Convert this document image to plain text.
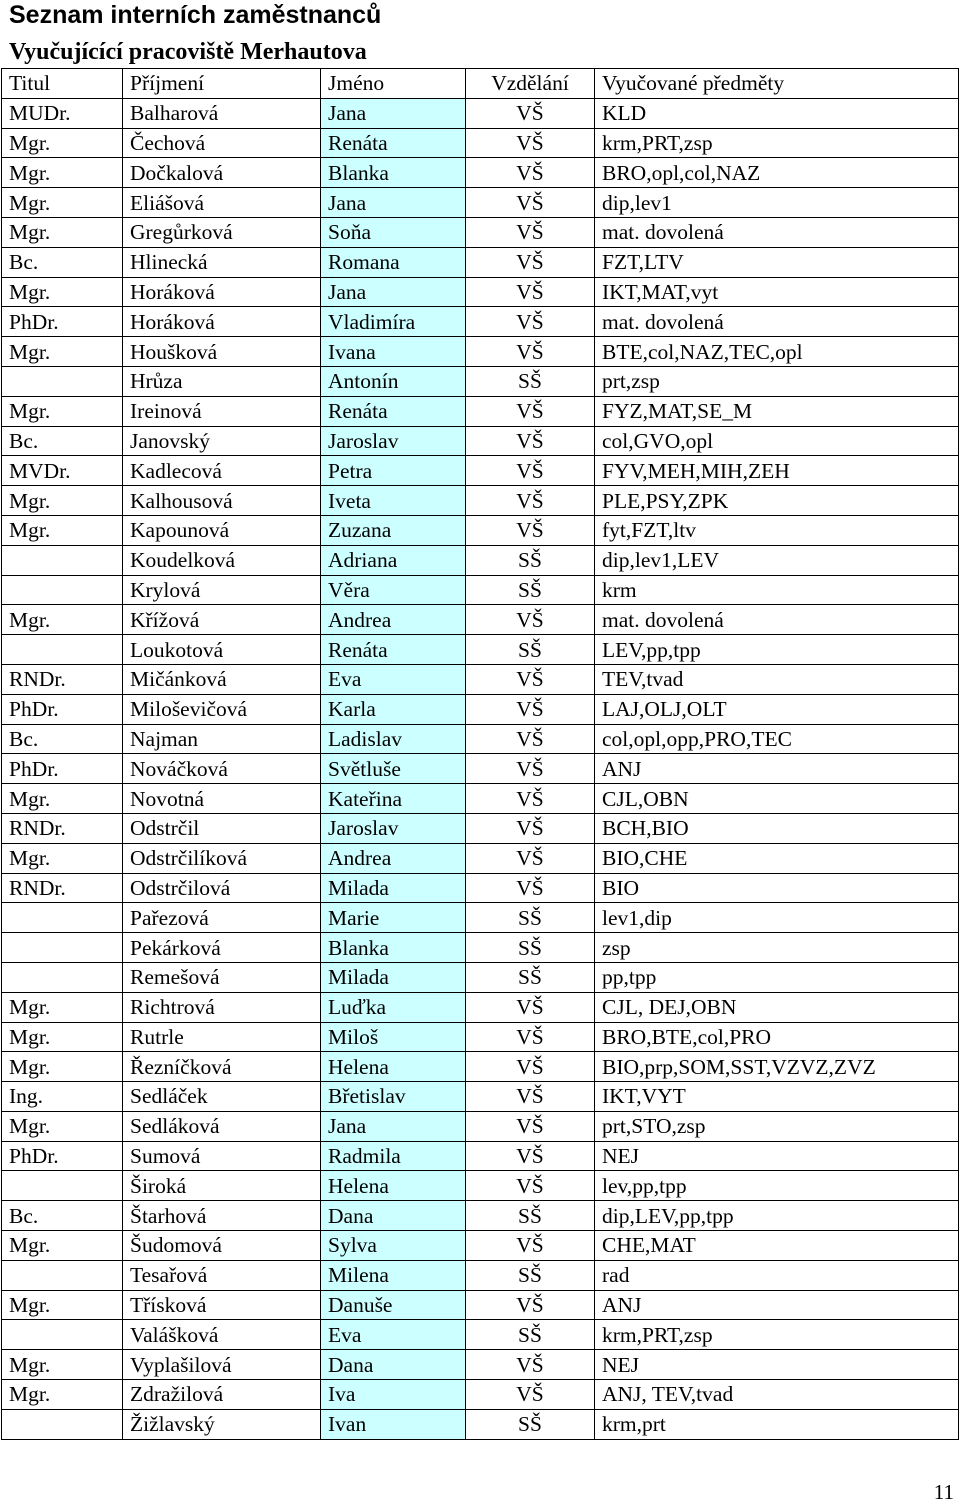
Seznam interních zaměstnanců
Vyučujícící pracoviště Merhautova
Titul	Příjmení	Jméno	Vzdělání	Vyučované předměty
MUDr.	Balharová	Jana	VŠ	KLD
Mgr.	Čechová	Renáta	VŠ	krm,PRT,zsp
Mgr.	Dočkalová	Blanka	VŠ	BRO,opl,col,NAZ
Mgr.	Eliášová	Jana	VŠ	dip,lev1
Mgr.	Gregůrková	Soňa	VŠ	mat. dovolená
Bc.	Hlinecká	Romana	VŠ	FZT,LTV
Mgr.	Horáková	Jana	VŠ	IKT,MAT,vyt
PhDr.	Horáková	Vladimíra	VŠ	mat. dovolená
Mgr.	Houšková	Ivana	VŠ	BTE,col,NAZ,TEC,opl
	Hrůza	Antonín	SŠ	prt,zsp
Mgr.	Ireinová	Renáta	VŠ	FYZ,MAT,SE_M
Bc.	Janovský	Jaroslav	VŠ	col,GVO,opl
MVDr.	Kadlecová	Petra	VŠ	FYV,MEH,MIH,ZEH
Mgr.	Kalhousová	Iveta	VŠ	PLE,PSY,ZPK
Mgr.	Kapounová	Zuzana	VŠ	fyt,FZT,ltv
	Koudelková	Adriana	SŠ	dip,lev1,LEV
	Krylová	Věra	SŠ	krm
Mgr.	Křížová	Andrea	VŠ	mat. dovolená
	Loukotová	Renáta	SŠ	LEV,pp,tpp
RNDr.	Mičánková	Eva	VŠ	TEV,tvad
PhDr.	Miloševičová	Karla	VŠ	LAJ,OLJ,OLT
Bc.	Najman	Ladislav	VŠ	col,opl,opp,PRO,TEC
PhDr.	Nováčková	Světluše	VŠ	ANJ
Mgr.	Novotná	Kateřina	VŠ	CJL,OBN
RNDr.	Odstrčil	Jaroslav	VŠ	BCH,BIO
Mgr.	Odstrčilíková	Andrea	VŠ	BIO,CHE
RNDr.	Odstrčilová	Milada	VŠ	BIO
	Pařezová	Marie	SŠ	lev1,dip
	Pekárková	Blanka	SŠ	zsp
	Remešová	Milada	SŠ	pp,tpp
Mgr.	Richtrová	Luďka	VŠ	CJL, DEJ,OBN
Mgr.	Rutrle	Miloš	VŠ	BRO,BTE,col,PRO
Mgr.	Řezníčková	Helena	VŠ	BIO,prp,SOM,SST,VZVZ,ZVZ
Ing.	Sedláček	Břetislav	VŠ	IKT,VYT
Mgr.	Sedláková	Jana	VŠ	prt,STO,zsp
PhDr.	Sumová	Radmila	VŠ	NEJ
	Široká	Helena	VŠ	lev,pp,tpp
Bc.	Štarhová	Dana	SŠ	dip,LEV,pp,tpp
Mgr.	Šudomová	Sylva	VŠ	CHE,MAT
	Tesařová	Milena	SŠ	rad
Mgr.	Třísková	Danuše	VŠ	ANJ
	Valášková	Eva	SŠ	krm,PRT,zsp
Mgr.	Vyplašilová	Dana	VŠ	NEJ
Mgr.	Zdražilová	Iva	VŠ	ANJ, TEV,tvad
	Žižlavský	Ivan	SŠ	krm,prt
11
